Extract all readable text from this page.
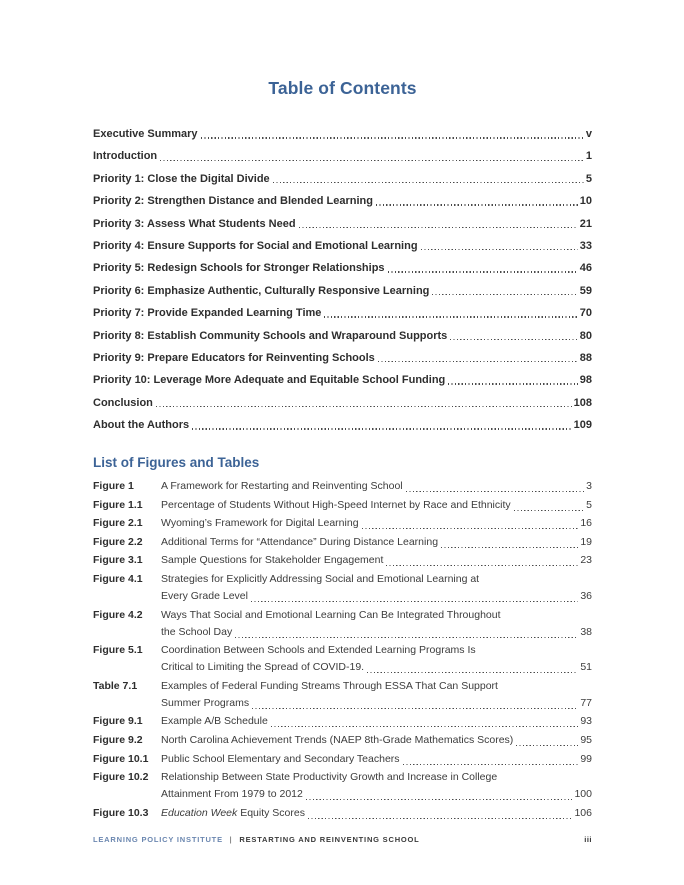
Table of Contents
Executive Summary	v
Introduction	1
Priority 1: Close the Digital Divide	5
Priority 2: Strengthen Distance and Blended Learning	10
Priority 3: Assess What Students Need	21
Priority 4: Ensure Supports for Social and Emotional Learning	33
Priority 5: Redesign Schools for Stronger Relationships	46
Priority 6: Emphasize Authentic, Culturally Responsive Learning	59
Priority 7: Provide Expanded Learning Time	70
Priority 8: Establish Community Schools and Wraparound Supports	80
Priority 9: Prepare Educators for Reinventing Schools	88
Priority 10: Leverage More Adequate and Equitable School Funding	98
Conclusion	108
About the Authors	109
List of Figures and Tables
Figure 1	A Framework for Restarting and Reinventing School	3
Figure 1.1	Percentage of Students Without High-Speed Internet by Race and Ethnicity	5
Figure 2.1	Wyoming’s Framework for Digital Learning	16
Figure 2.2	Additional Terms for “Attendance” During Distance Learning	19
Figure 3.1	Sample Questions for Stakeholder Engagement	23
Figure 4.1	Strategies for Explicitly Addressing Social and Emotional Learning at
Every Grade Level	36
Figure 4.2	Ways That Social and Emotional Learning Can Be Integrated Throughout
the School Day	38
Figure 5.1	Coordination Between Schools and Extended Learning Programs Is
Critical to Limiting the Spread of COVID-19.	51
Table 7.1	Examples of Federal Funding Streams Through ESSA That Can Support
Summer Programs	77
Figure 9.1	Example A/B Schedule	93
Figure 9.2	North Carolina Achievement Trends (NAEP 8th-Grade Mathematics Scores)	95
Figure 10.1	Public School Elementary and Secondary Teachers	99
Figure 10.2	Relationship Between State Productivity Growth and Increase in College
Attainment From 1979 to 2012	100
Figure 10.3	Education Week Equity Scores	106
LEARNING POLICY INSTITUTE | RESTARTING AND REINVENTING SCHOOL	iii
